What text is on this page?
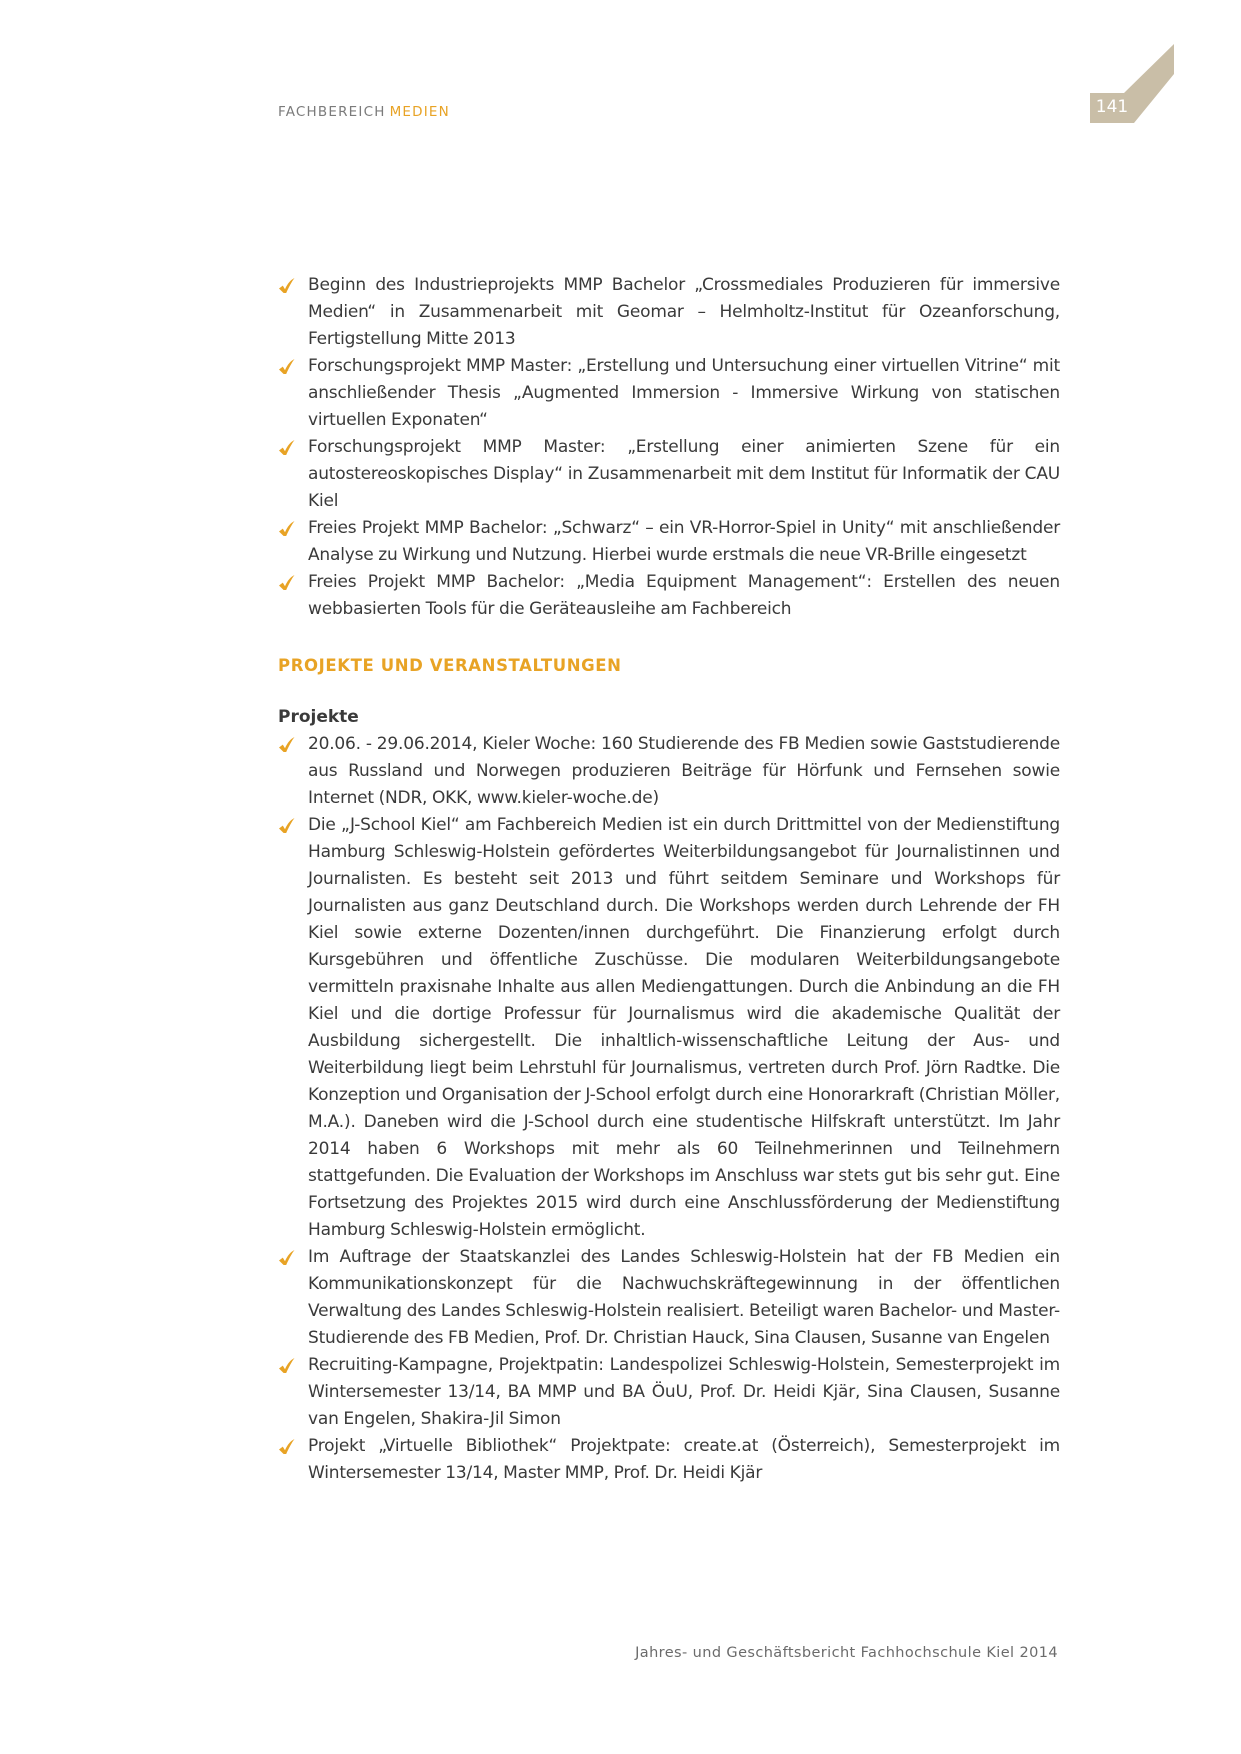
FACHBEREICH MEDIEN	141
Beginn des Industrieprojekts MMP Bachelor „Crossmediales Produzieren für immersive Medien“ in Zusammenarbeit mit Geomar – Helmholtz-Institut für Ozeanforschung, Fertigstellung Mitte 2013
Forschungsprojekt MMP Master: „Erstellung und Untersuchung einer virtuellen Vitrine“ mit anschließender Thesis „Augmented Immersion - Immersive Wirkung von statischen virtuellen Exponaten“
Forschungsprojekt MMP Master: „Erstellung einer animierten Szene für ein autostereoskopisches Display“ in Zusammenarbeit mit dem Institut für Informatik der CAU Kiel
Freies Projekt MMP Bachelor: „Schwarz“ – ein VR-Horror-Spiel in Unity“ mit anschließender Analyse zu Wirkung und Nutzung. Hierbei wurde erstmals die neue VR-Brille eingesetzt
Freies Projekt MMP Bachelor: „Media Equipment Management“: Erstellen des neuen webbasierten Tools für die Geräteausleihe am Fachbereich
PROJEKTE UND VERANSTALTUNGEN
Projekte
20.06. - 29.06.2014, Kieler Woche: 160 Studierende des FB Medien sowie Gaststudierende aus Russland und Norwegen produzieren Beiträge für Hörfunk und Fernsehen sowie Internet (NDR, OKK, www.kieler-woche.de)
Die „J-School Kiel“ am Fachbereich Medien ist ein durch Drittmittel von der Medienstiftung Hamburg Schleswig-Holstein gefördertes Weiterbildungsangebot für Journalistinnen und Journalisten. Es besteht seit 2013 und führt seitdem Seminare und Workshops für Journalisten aus ganz Deutschland durch. Die Workshops werden durch Lehrende der FH Kiel sowie externe Dozenten/innen durchgeführt. Die Finanzierung erfolgt durch Kursgebühren und öffentliche Zuschüsse. Die modularen Weiterbildungsangebote vermitteln praxisnahe Inhalte aus allen Mediengattungen. Durch die Anbindung an die FH Kiel und die dortige Professur für Journalismus wird die akademische Qualität der Ausbildung sichergestellt. Die inhaltlich-wissenschaftliche Leitung der Aus- und Weiterbildung liegt beim Lehrstuhl für Journalismus, vertreten durch Prof. Jörn Radtke. Die Konzeption und Organisation der J-School erfolgt durch eine Honorarkraft (Christian Möller, M.A.). Daneben wird die J-School durch eine studentische Hilfskraft unterstützt. Im Jahr 2014 haben 6 Workshops mit mehr als 60 Teilnehmerinnen und Teilnehmern stattgefunden. Die Evaluation der Workshops im Anschluss war stets gut bis sehr gut. Eine Fortsetzung des Projektes 2015 wird durch eine Anschlussförderung der Medienstiftung Hamburg Schleswig-Holstein ermöglicht.
Im Auftrage der Staatskanzlei des Landes Schleswig-Holstein hat der FB Medien ein Kommunikationskonzept für die Nachwuchskräftegewinnung in der öffentlichen Verwaltung des Landes Schleswig-Holstein realisiert. Beteiligt waren Bachelor- und Master-Studierende des FB Medien, Prof. Dr. Christian Hauck, Sina Clausen, Susanne van Engelen
Recruiting-Kampagne, Projektpatin: Landespolizei Schleswig-Holstein, Semesterprojekt im Wintersemester 13/14, BA MMP und BA ÖuU, Prof. Dr. Heidi Kjär, Sina Clausen, Susanne van Engelen, Shakira-Jil Simon
Projekt „Virtuelle Bibliothek“ Projektpate: create.at (Österreich), Semesterprojekt im Wintersemester 13/14, Master MMP, Prof. Dr. Heidi Kjär
Jahres- und Geschäftsbericht Fachhochschule Kiel 2014
